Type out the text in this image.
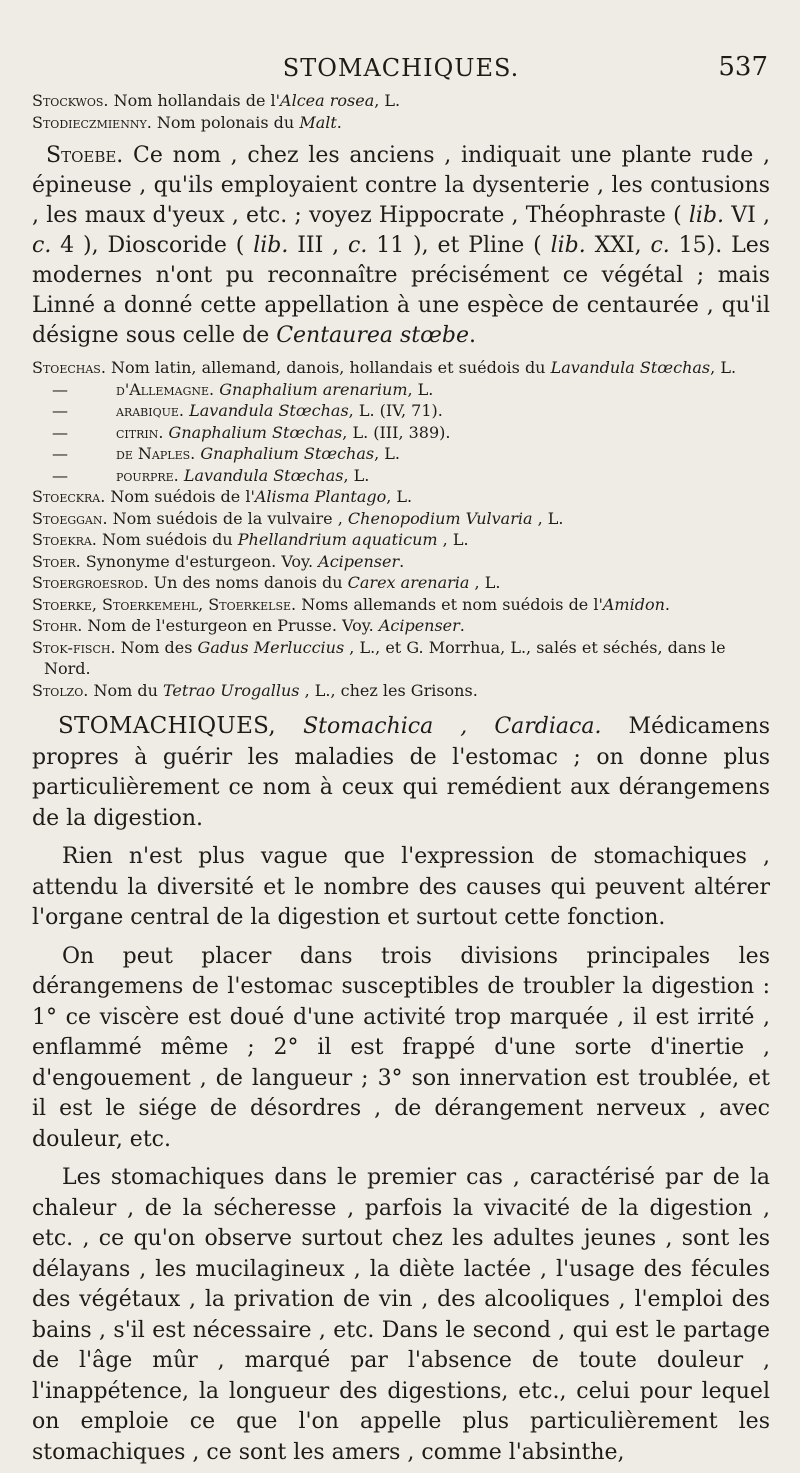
STOMACHIQUES.	537

Stockwos. Nom hollandais de l'Alcea rosea, L.

Stodieczmienny. Nom polonais du Malt.

Stoebe. Ce nom , chez les anciens , indiquait une plante rude , épineuse , qu'ils employaient contre la dysenterie , les contusions , les maux d'yeux , etc. ; voyez Hippocrate , Théophraste ( lib. VI , c. 4 ), Dioscoride ( lib. III , c. 11 ), et Pline ( lib. XXI, c. 15). Les modernes n'ont pu reconnaître précisément ce végétal ; mais Linné a donné cette appellation à une espèce de centaurée , qu'il désigne sous celle de Centaurea stœbe.

Stoechas. Nom latin, allemand, danois, hollandais et suédois du Lavandula Stœchas, L.

—	d'Allemagne. Gnaphalium arenarium, L.

—	arabique. Lavandula Stœchas, L. (IV, 71).

—	citrin. Gnaphalium Stœchas, L. (III, 389).

—	de Naples. Gnaphalium Stœchas, L.

—	pourpre. Lavandula Stœchas, L.

Stoeckra. Nom suédois de l'Alisma Plantago, L.

Stoeggan. Nom suédois de la vulvaire , Chenopodium Vulvaria , L.

Stoekra. Nom suédois du Phellandrium aquaticum , L.

Stoer. Synonyme d'esturgeon. Voy. Acipenser.

Stoergroesrod. Un des noms danois du Carex arenaria , L.

Stoerke, Stoerkemehl, Stoerkelse. Noms allemands et nom suédois de l'Amidon.

Stohr. Nom de l'esturgeon en Prusse. Voy. Acipenser.

Stok-fisch. Nom des Gadus Merluccius , L., et G. Morrhua, L., salés et séchés, dans le Nord.

Stolzo. Nom du Tetrao Urogallus , L., chez les Grisons.

STOMACHIQUES, Stomachica , Cardiaca. Médicamens propres à guérir les maladies de l'estomac ; on donne plus particulièrement ce nom à ceux qui remédient aux dérangemens de la digestion.

Rien n'est plus vague que l'expression de stomachiques , attendu la diversité et le nombre des causes qui peuvent altérer l'organe central de la digestion et surtout cette fonction.

On peut placer dans trois divisions principales les dérangemens de l'estomac susceptibles de troubler la digestion : 1° ce viscère est doué d'une activité trop marquée , il est irrité , enflammé même ; 2° il est frappé d'une sorte d'inertie , d'engouement , de langueur ; 3° son innervation est troublée, et il est le siége de désordres , de dérangement nerveux , avec douleur, etc.

Les stomachiques dans le premier cas , caractérisé par de la chaleur , de la sécheresse , parfois la vivacité de la digestion , etc. , ce qu'on observe surtout chez les adultes jeunes , sont les délayans , les mucilagineux , la diète lactée , l'usage des fécules des végétaux , la privation de vin , des alcooliques , l'emploi des bains , s'il est nécessaire , etc. Dans le second , qui est le partage de l'âge mûr , marqué par l'absence de toute douleur , l'inappétence, la longueur des digestions, etc., celui pour lequel on emploie ce que l'on appelle plus particulièrement les stomachiques , ce sont les amers , comme l'absinthe,
